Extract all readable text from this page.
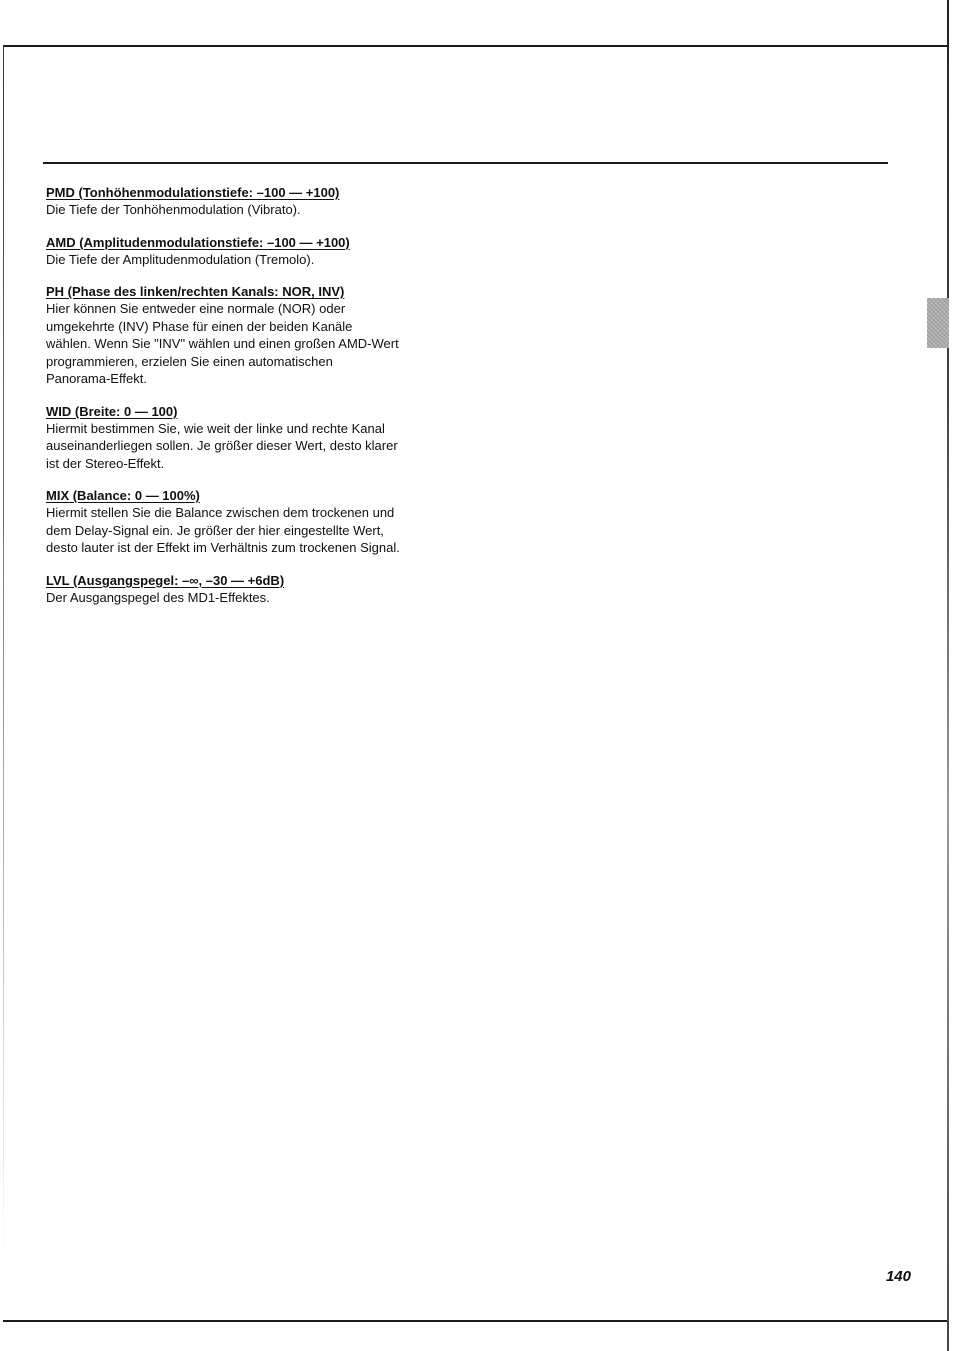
PMD (Tonhöhenmodulationstiefe: –100 — +100)

Die Tiefe der Tonhöhenmodulation (Vibrato).

AMD (Amplitudenmodulationstiefe: –100 — +100)

Die Tiefe der Amplitudenmodulation (Tremolo).

PH (Phase des linken/rechten Kanals: NOR, INV)

Hier können Sie entweder eine normale (NOR) oder
umgekehrte (INV) Phase für einen der beiden Kanäle
wählen. Wenn Sie "INV" wählen und einen großen AMD-Wert
programmieren, erzielen Sie einen automatischen
Panorama-Effekt.

WID (Breite: 0 — 100)

Hiermit bestimmen Sie, wie weit der linke und rechte Kanal
auseinanderliegen sollen. Je größer dieser Wert, desto klarer
ist der Stereo-Effekt.

MIX (Balance: 0 — 100%)

Hiermit stellen Sie die Balance zwischen dem trockenen und
dem Delay-Signal ein. Je größer der hier eingestellte Wert,
desto lauter ist der Effekt im Verhältnis zum trockenen Signal.

LVL (Ausgangspegel: –∞, –30 — +6dB)

Der Ausgangspegel des MD1-Effektes.

140
